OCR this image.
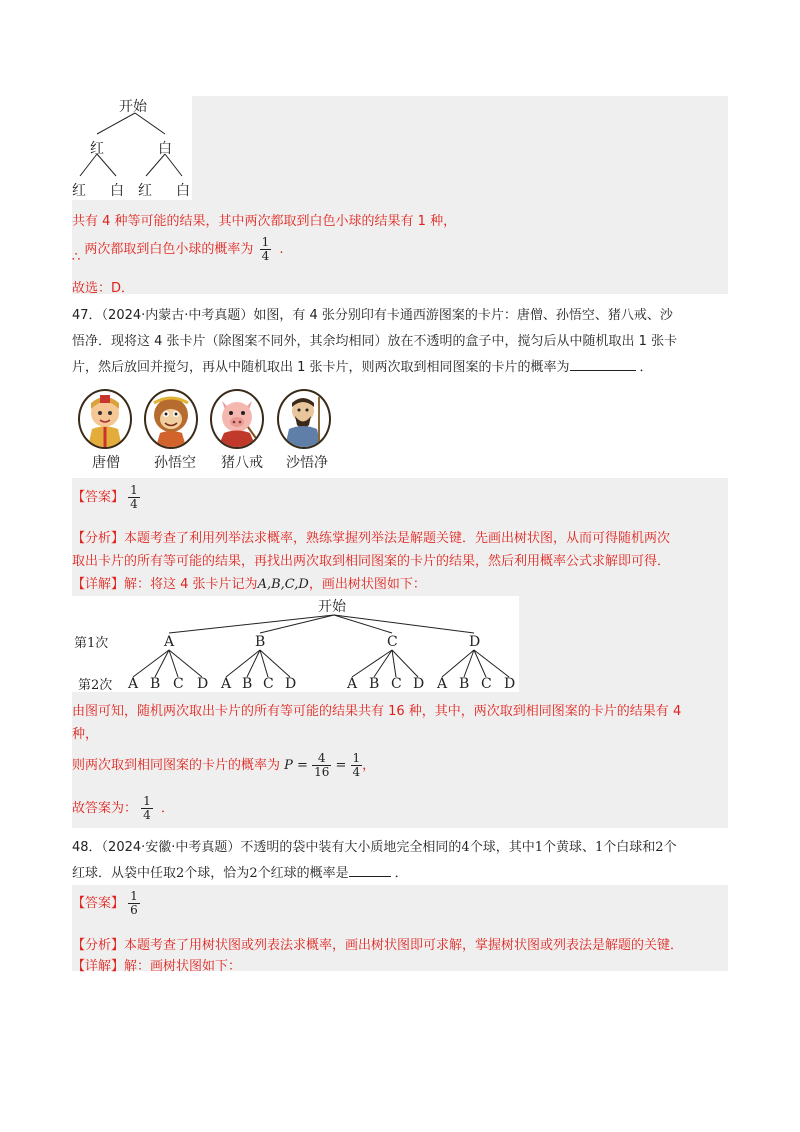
开始
红	白
红 白 红 白
共有 4 种等可能的结果，其中两次都取到白色小球的结果有 1 种，
∴ 两次都取到白色小球的概率为 $\frac{1}{4}$ .
故选：D．
47．（2024·内蒙古·中考真题）如图，有 4 张分别印有卡通西游图案的卡片：唐僧、孙悟空、猪八戒、沙
悟净．现将这 4 张卡片（除图案不同外，其余均相同）放在不透明的盒子中，搅匀后从中随机取出 1 张卡
片，然后放回并搅匀，再从中随机取出 1 张卡片，则两次取到相同图案的卡片的概率为	．
唐僧 孙悟空 猪八戒 沙悟净
【答案】 $\frac{1}{4}$
【分析】本题考查了利用列举法求概率，熟练掌握列举法是解题关键．先画出树状图，从而可得随机两次
取出卡片的所有等可能的结果，再找出两次取到相同图案的卡片的结果，然后利用概率公式求解即可得．
【详解】解：将这 4 张卡片记为A,B,C,D，画出树状图如下：
开始
第1次
第2次
A	B	C	D
A B C D A B C D	A B C D A B C D
由图可知，随机两次取出卡片的所有等可能的结果共有 16 种，其中，两次取到相同图案的卡片的结果有 4
种，
则两次取到相同图案的卡片的概率为 $P = \frac{4}{16} = \frac{1}{4}$ ，
故答案为： $\frac{1}{4}$ ．
48．（2024·安徽·中考真题）不透明的袋中装有大小质地完全相同的4个球，其中1个黄球、1个白球和2个
红球．从袋中任取2个球，恰为2个红球的概率是	．
【答案】 $\frac{1}{6}$
【分析】本题考查了用树状图或列表法求概率，画出树状图即可求解，掌握树状图或列表法是解题的关键．
【详解】解：画树状图如下：
